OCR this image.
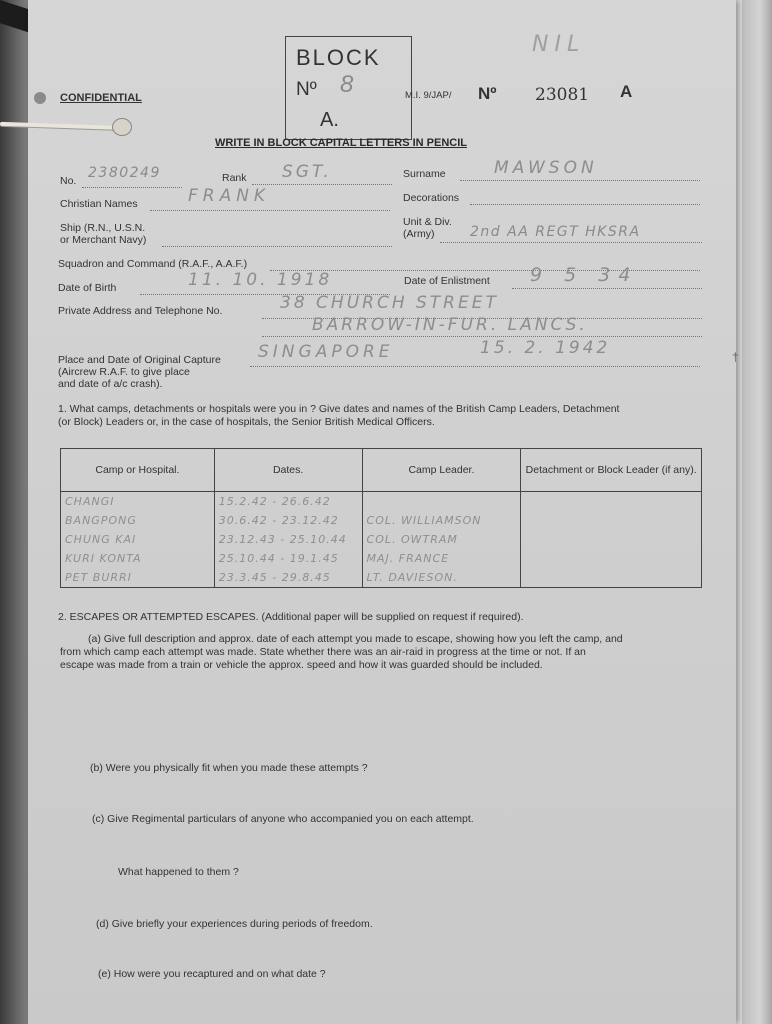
CONFIDENTIAL
BLOCK
Nº 8
A.
NIL
M.I. 9/JAP/ Nº 23081 A
WRITE IN BLOCK CAPITAL LETTERS IN PENCIL
No. 2380249	Rank SGT.	Surname	MAWSON
Christian Names	FRANK	Decorations
Ship (R.N., U.S.N.
or Merchant Navy)
Unit & Div.
(Army)	2nd AA REGT HKSRA
Squadron and Command (R.A.F., A.A.F.)
Date of Birth	11. 10. 1918	Date of Enlistment 9 5 34
Private Address and Telephone No.	38 CHURCH STREET
BARROW-IN-FUR. LANCS.
Place and Date of Original Capture
(Aircrew R.A.F. to give place
and date of a/c crash).
SINGAPORE	15. 2. 1942	†
1. What camps, detachments or hospitals were you in ? Give dates and names of the British Camp Leaders, Detachment
(or Block) Leaders or, in the case of hospitals, the Senior British Medical Officers.
Camp or Hospital.	Dates.	Camp Leader.	Detachment or Block Leader (if any).
CHANGI	15.2.42 - 26.6.42		
BANGPONG	30.6.42 - 23.12.42	COL. WILLIAMSON	
CHUNG KAI	23.12.43 - 25.10.44	COL. OWTRAM	
KURI KONTA	25.10.44 - 19.1.45	MAJ. FRANCE	
PET BURRI	23.3.45 - 29.8.45	LT. DAVIESON.	
2. ESCAPES OR ATTEMPTED ESCAPES. (Additional paper will be supplied on request if required).
(a) Give full description and approx. date of each attempt you made to escape, showing how you left the camp, and
from which camp each attempt was made. State whether there was an air-raid in progress at the time or not. If an
escape was made from a train or vehicle the approx. speed and how it was guarded should be included.
(b) Were you physically fit when you made these attempts ?
(c) Give Regimental particulars of anyone who accompanied you on each attempt.
What happened to them ?
(d) Give briefly your experiences during periods of freedom.
(e) How were you recaptured and on what date ?
